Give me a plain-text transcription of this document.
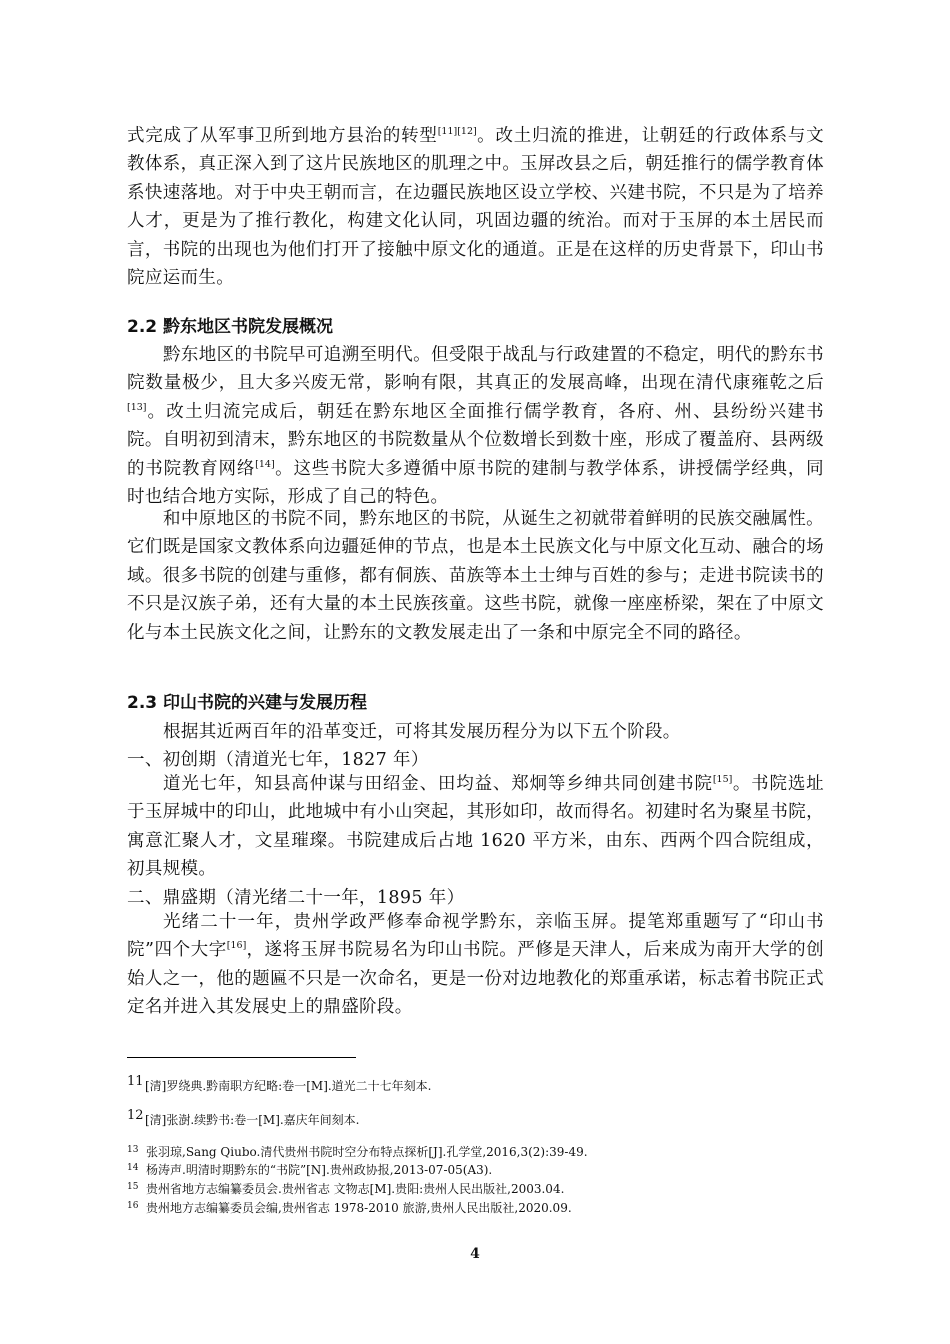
式完成了从军事卫所到地方县治的转型[11][12]。改土归流的推进，让朝廷的行政体系与文教体系，真正深入到了这片民族地区的肌理之中。玉屏改县之后，朝廷推行的儒学教育体系快速落地。对于中央王朝而言，在边疆民族地区设立学校、兴建书院，不只是为了培养人才，更是为了推行教化，构建文化认同，巩固边疆的统治。而对于玉屏的本土居民而言，书院的出现也为他们打开了接触中原文化的通道。正是在这样的历史背景下，印山书院应运而生。

2.2 黔东地区书院发展概况

黔东地区的书院早可追溯至明代。但受限于战乱与行政建置的不稳定，明代的黔东书院数量极少，且大多兴废无常，影响有限，其真正的发展高峰，出现在清代康雍乾之后[13]。改土归流完成后，朝廷在黔东地区全面推行儒学教育，各府、州、县纷纷兴建书院。自明初到清末，黔东地区的书院数量从个位数增长到数十座，形成了覆盖府、县两级的书院教育网络[14]。这些书院大多遵循中原书院的建制与教学体系，讲授儒学经典，同时也结合地方实际，形成了自己的特色。

和中原地区的书院不同，黔东地区的书院，从诞生之初就带着鲜明的民族交融属性。它们既是国家文教体系向边疆延伸的节点，也是本土民族文化与中原文化互动、融合的场域。很多书院的创建与重修，都有侗族、苗族等本土士绅与百姓的参与；走进书院读书的不只是汉族子弟，还有大量的本土民族孩童。这些书院，就像一座座桥梁，架在了中原文化与本土民族文化之间，让黔东的文教发展走出了一条和中原完全不同的路径。

2.3 印山书院的兴建与发展历程

根据其近两百年的沿革变迁，可将其发展历程分为以下五个阶段。

一、初创期（清道光七年，1827 年）

道光七年，知县高仲谋与田绍金、田均益、郑炯等乡绅共同创建书院[15]。书院选址于玉屏城中的印山，此地城中有小山突起，其形如印，故而得名。初建时名为聚星书院，寓意汇聚人才，文星璀璨。书院建成后占地 1620 平方米，由东、西两个四合院组成，初具规模。

二、鼎盛期（清光绪二十一年，1895 年）

光绪二十一年，贵州学政严修奉命视学黔东，亲临玉屏。提笔郑重题写了“印山书院”四个大字[16]，遂将玉屏书院易名为印山书院。严修是天津人，后来成为南开大学的创始人之一，他的题匾不只是一次命名，更是一份对边地教化的郑重承诺，标志着书院正式定名并进入其发展史上的鼎盛阶段。

11[清]罗绕典.黔南职方纪略:卷一[M].道光二十七年刻本.

12[清]张澍.续黔书:卷一[M].嘉庆年间刻本.

13 张羽琼,Sang Qiubo.清代贵州书院时空分布特点探析[J].孔学堂,2016,3(2):39-49.

14 杨涛声.明清时期黔东的“书院”[N].贵州政协报,2013-07-05(A3).

15 贵州省地方志编纂委员会.贵州省志 文物志[M].贵阳:贵州人民出版社,2003.04.

16 贵州地方志编纂委员会编,贵州省志 1978-2010 旅游,贵州人民出版社,2020.09.

4
